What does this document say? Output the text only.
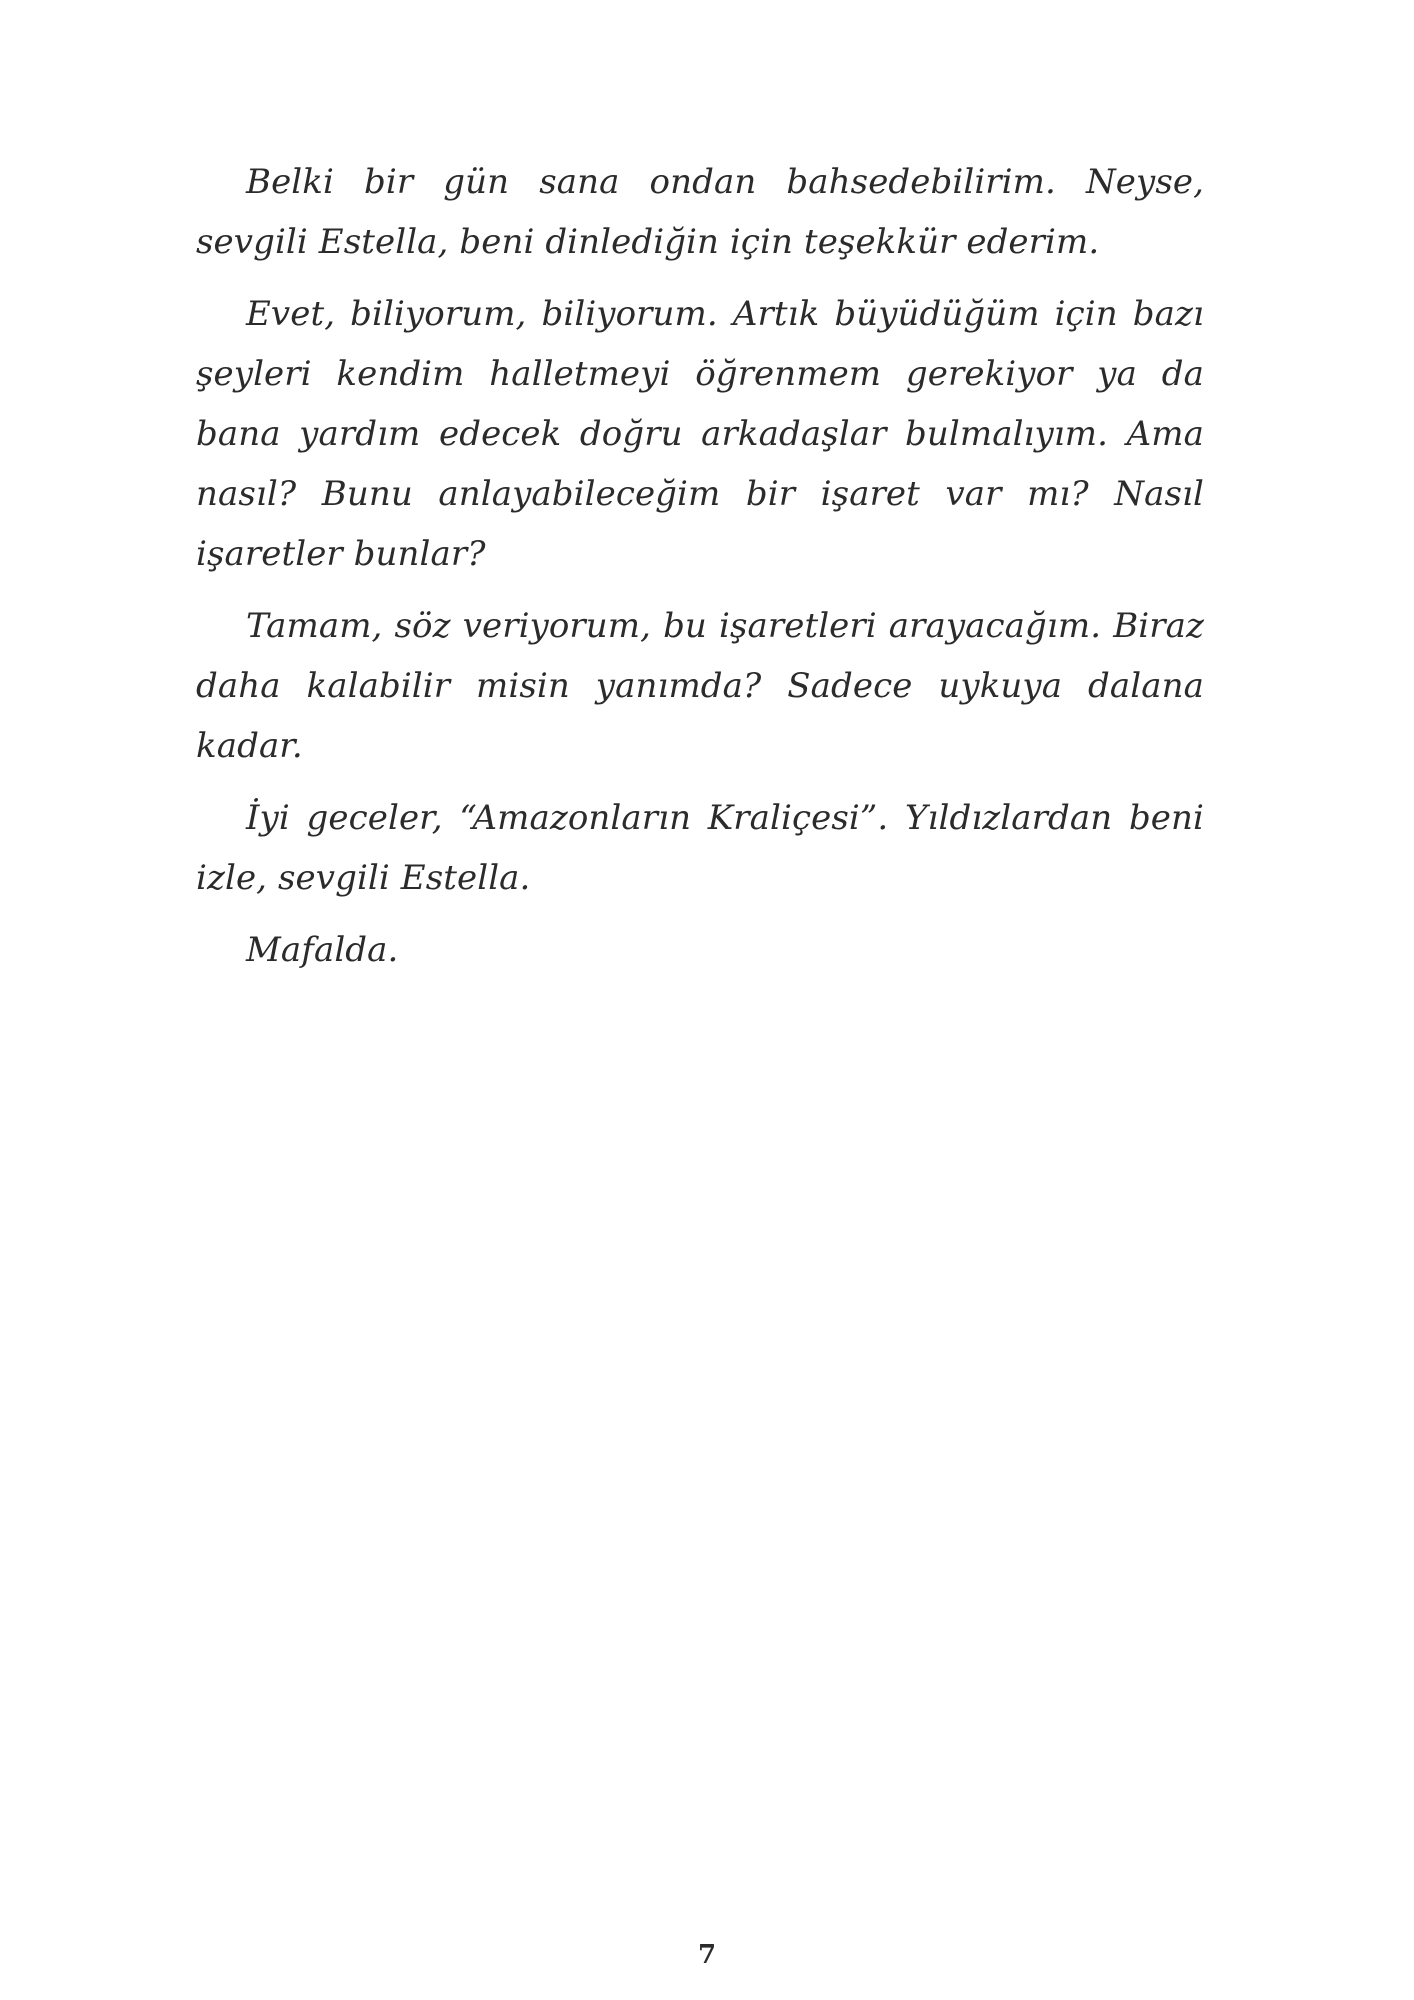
Belki bir gün sana ondan bahsedebilirim. Neyse, sevgili Estella, beni dinlediğin için teşekkür ederim.

Evet, biliyorum, biliyorum. Artık büyüdüğüm için bazı şeyleri kendim halletmeyi öğrenmem gerekiyor ya da bana yardım edecek doğru arkadaşlar bulmalıyım. Ama nasıl? Bunu anlayabileceğim bir işaret var mı? Nasıl işaretler bunlar?

Tamam, söz veriyorum, bu işaretleri arayacağım. Biraz daha kalabilir misin yanımda? Sadece uykuya dalana kadar.

İyi geceler, “Amazonların Kraliçesi”. Yıldızlardan beni izle, sevgili Estella.

Mafalda.

7
